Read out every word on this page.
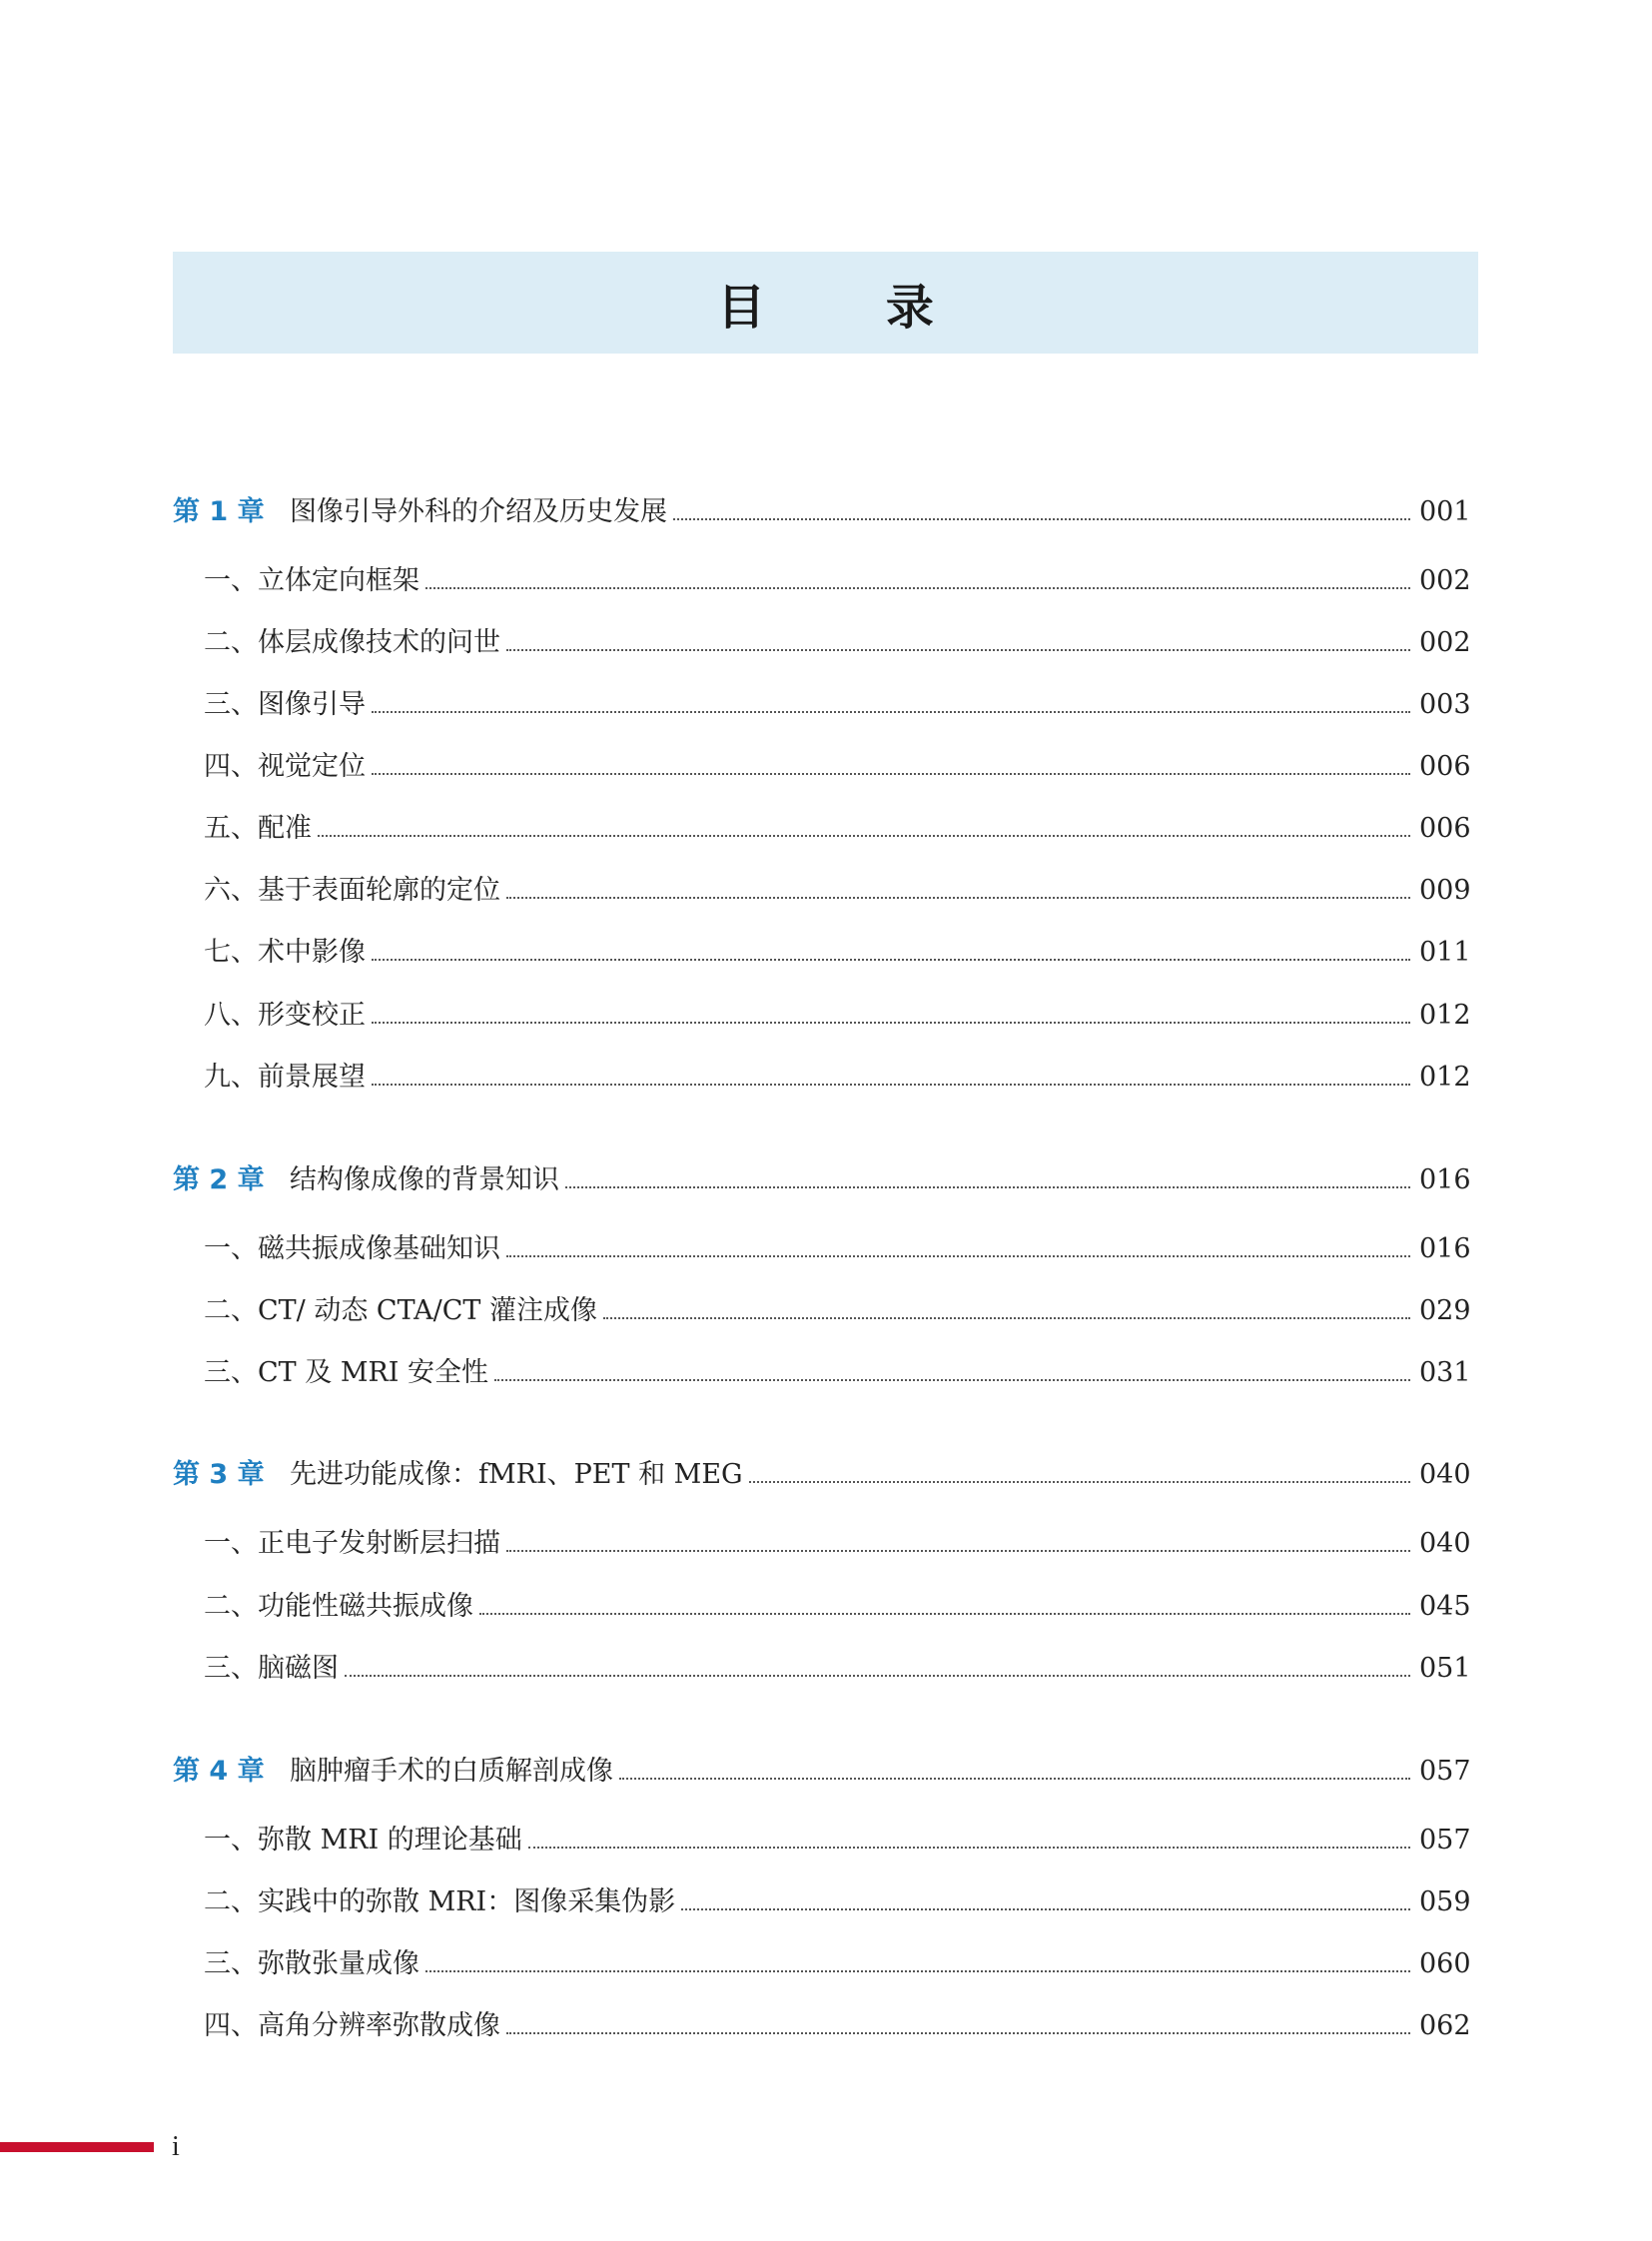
目 录
第 1 章 图像引导外科的介绍及历史发展	001
一、立体定向框架	002
二、体层成像技术的问世	002
三、图像引导	003
四、视觉定位	006
五、配准	006
六、基于表面轮廓的定位	009
七、术中影像	011
八、形变校正	012
九、前景展望	012
第 2 章 结构像成像的背景知识	016
一、磁共振成像基础知识	016
二、CT/ 动态 CTA/CT 灌注成像	029
三、CT 及 MRI 安全性	031
第 3 章 先进功能成像：fMRI、PET 和 MEG	040
一、正电子发射断层扫描	040
二、功能性磁共振成像	045
三、脑磁图	051
第 4 章 脑肿瘤手术的白质解剖成像	057
一、弥散 MRI 的理论基础	057
二、实践中的弥散 MRI：图像采集伪影	059
三、弥散张量成像	060
四、高角分辨率弥散成像	062
i
